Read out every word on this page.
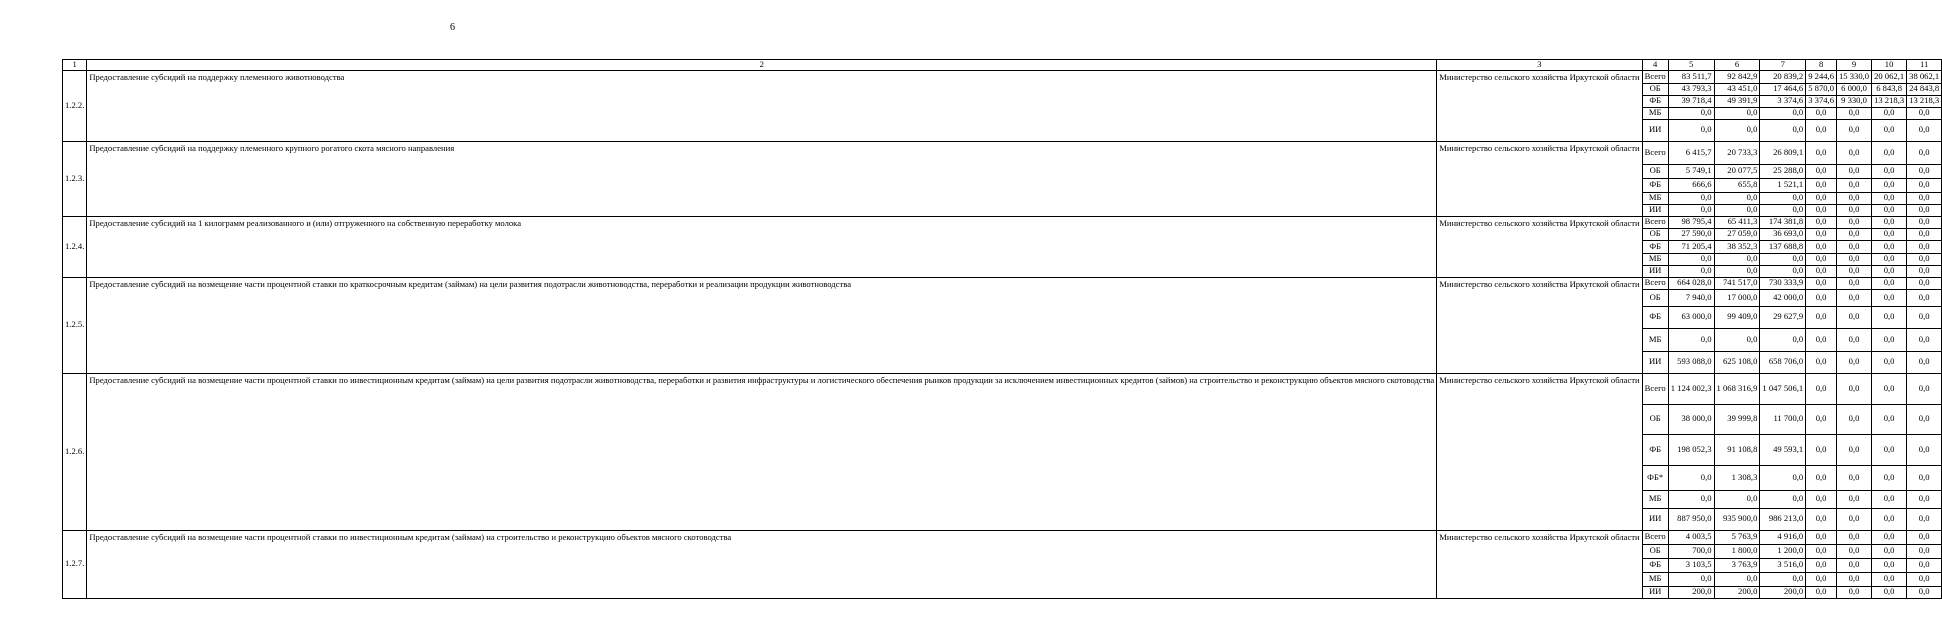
6
1	2	3	4	5	6	7	8	9	10	11
1.2.2.	Предоставление субсидий на поддержку племенного животноводства	Министерство сельского хозяйства Иркутской области	Всего	83 511,7	92 842,9	20 839,2	9 244,6	15 330,0	20 062,1	38 062,1
			ОБ	43 793,3	43 451,0	17 464,6	5 870,0	6 000,0	6 843,8	24 843,8
			ФБ	39 718,4	49 391,9	3 374,6	3 374,6	9 330,0	13 218,3	13 218,3
			МБ	0,0	0,0	0,0	0,0	0,0	0,0	0,0
			ИИ	0,0	0,0	0,0	0,0	0,0	0,0	0,0
1.2.3.	Предоставление субсидий на поддержку племенного крупного рогатого скота мясного направления	Министерство сельского хозяйства Иркутской области	Всего	6 415,7	20 733,3	26 809,1	0,0	0,0	0,0	0,0
			ОБ	5 749,1	20 077,5	25 288,0	0,0	0,0	0,0	0,0
			ФБ	666,6	655,8	1 521,1	0,0	0,0	0,0	0,0
			МБ	0,0	0,0	0,0	0,0	0,0	0,0	0,0
			ИИ	0,0	0,0	0,0	0,0	0,0	0,0	0,0
1.2.4.	Предоставление субсидий на 1 килограмм реализованного и (или) отгруженного на собственную переработку молока	Министерство сельского хозяйства Иркутской области	Всего	98 795,4	65 411,3	174 381,8	0,0	0,0	0,0	0,0
			ОБ	27 590,0	27 059,0	36 693,0	0,0	0,0	0,0	0,0
			ФБ	71 205,4	38 352,3	137 688,8	0,0	0,0	0,0	0,0
			МБ	0,0	0,0	0,0	0,0	0,0	0,0	0,0
			ИИ	0,0	0,0	0,0	0,0	0,0	0,0	0,0
1.2.5.	Предоставление субсидий на возмещение части процентной ставки по краткосрочным кредитам (займам) на цели развития подотрасли животноводства, переработки и реализации продукции животноводства	Министерство сельского хозяйства Иркутской области	Всего	664 028,0	741 517,0	730 333,9	0,0	0,0	0,0	0,0
			ОБ	7 940,0	17 000,0	42 000,0	0,0	0,0	0,0	0,0
			ФБ	63 000,0	99 409,0	29 627,9	0,0	0,0	0,0	0,0
			МБ	0,0	0,0	0,0	0,0	0,0	0,0	0,0
			ИИ	593 088,0	625 108,0	658 706,0	0,0	0,0	0,0	0,0
1.2.6.	Предоставление субсидий на возмещение части процентной ставки по инвестиционным кредитам (займам) на цели развития подотрасли животноводства, переработки и развития инфраструктуры и логистического обеспечения рынков продукции за исключением инвестиционных кредитов (займов) на строительство и реконструкцию объектов мясного скотоводства	Министерство сельского хозяйства Иркутской области	Всего	1 124 002,3	1 068 316,9	1 047 506,1	0,0	0,0	0,0	0,0
			ОБ	38 000,0	39 999,8	11 700,0	0,0	0,0	0,0	0,0
			ФБ	198 052,3	91 108,8	49 593,1	0,0	0,0	0,0	0,0
			ФБ*	0,0	1 308,3	0,0	0,0	0,0	0,0	0,0
			МБ	0,0	0,0	0,0	0,0	0,0	0,0	0,0
			ИИ	887 950,0	935 900,0	986 213,0	0,0	0,0	0,0	0,0
1.2.7.	Предоставление субсидий на возмещение части процентной ставки по инвестиционным кредитам (займам) на строительство и реконструкцию объектов мясного скотоводства	Министерство сельского хозяйства Иркутской области	Всего	4 003,5	5 763,9	4 916,0	0,0	0,0	0,0	0,0
			ОБ	700,0	1 800,0	1 200,0	0,0	0,0	0,0	0,0
			ФБ	3 103,5	3 763,9	3 516,0	0,0	0,0	0,0	0,0
			МБ	0,0	0,0	0,0	0,0	0,0	0,0	0,0
			ИИ	200,0	200,0	200,0	0,0	0,0	0,0	0,0
